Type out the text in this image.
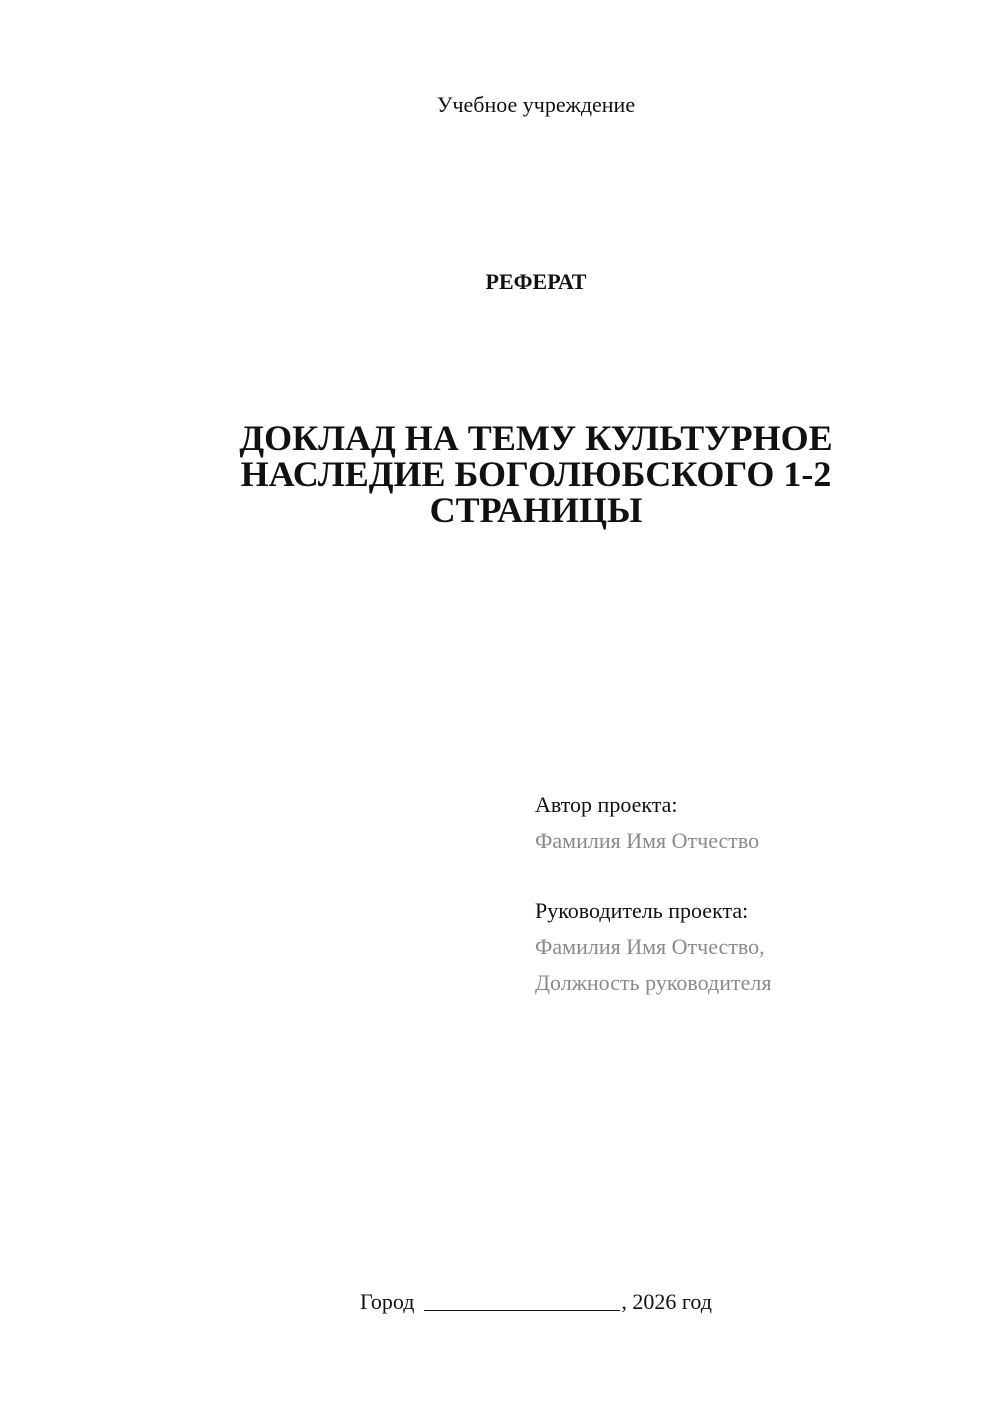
Учебное учреждение
РЕФЕРАТ
ДОКЛАД НА ТЕМУ КУЛЬТУРНОЕ
НАСЛЕДИЕ БОГОЛЮБСКОГО 1-2
СТРАНИЦЫ
Автор проекта:
Фамилия Имя Отчество
Руководитель проекта:
Фамилия Имя Отчество,
Должность руководителя
Город	, 2026 год
